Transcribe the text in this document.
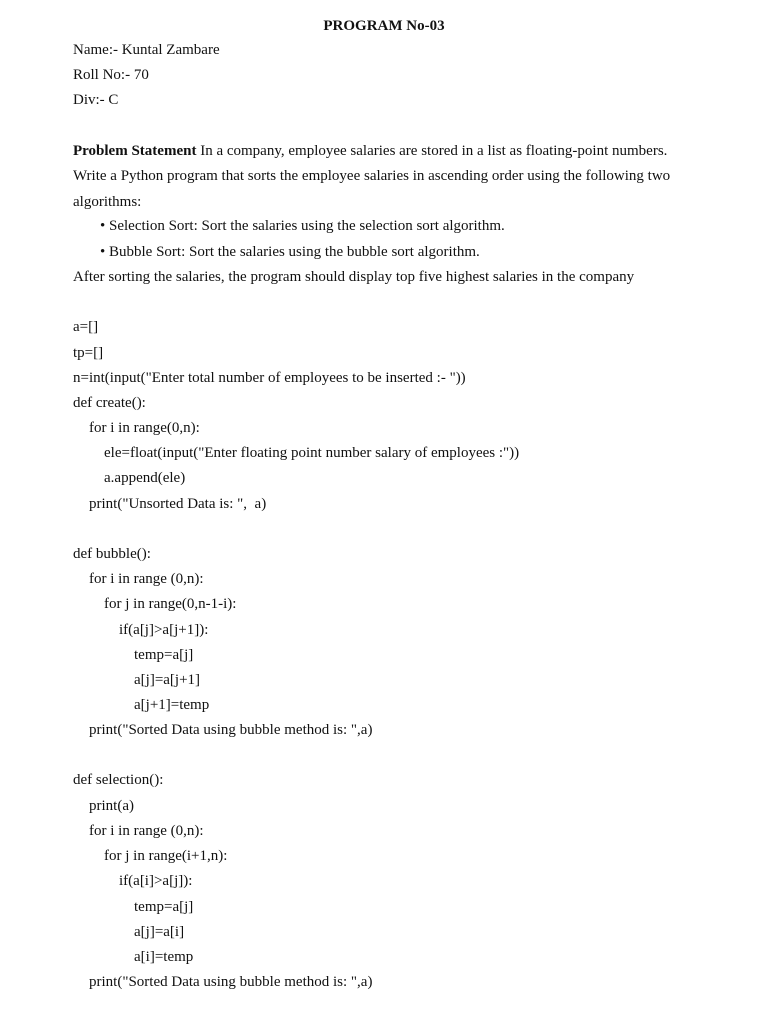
PROGRAM No-03
Name:- Kuntal Zambare
Roll No:- 70
Div:- C
Problem Statement In a company, employee salaries are stored in a list as floating-point numbers. Write a Python program that sorts the employee salaries in ascending order using the following two algorithms:
• Selection Sort: Sort the salaries using the selection sort algorithm.
• Bubble Sort: Sort the salaries using the bubble sort algorithm.
After sorting the salaries, the program should display top five highest salaries in the company
a=[]
tp=[]
n=int(input("Enter total number of employees to be inserted :- "))
def create():
for i in range(0,n):
ele=float(input("Enter floating point number salary of employees :"))
a.append(ele)
print("Unsorted Data is: ",  a)
def bubble():
for i in range (0,n):
for j in range(0,n-1-i):
if(a[j]>a[j+1]):
temp=a[j]
a[j]=a[j+1]
a[j+1]=temp
print("Sorted Data using bubble method is: ",a)
def selection():
print(a)
for i in range (0,n):
for j in range(i+1,n):
if(a[i]>a[j]):
temp=a[j]
a[j]=a[i]
a[i]=temp
print("Sorted Data using bubble method is: ",a)
